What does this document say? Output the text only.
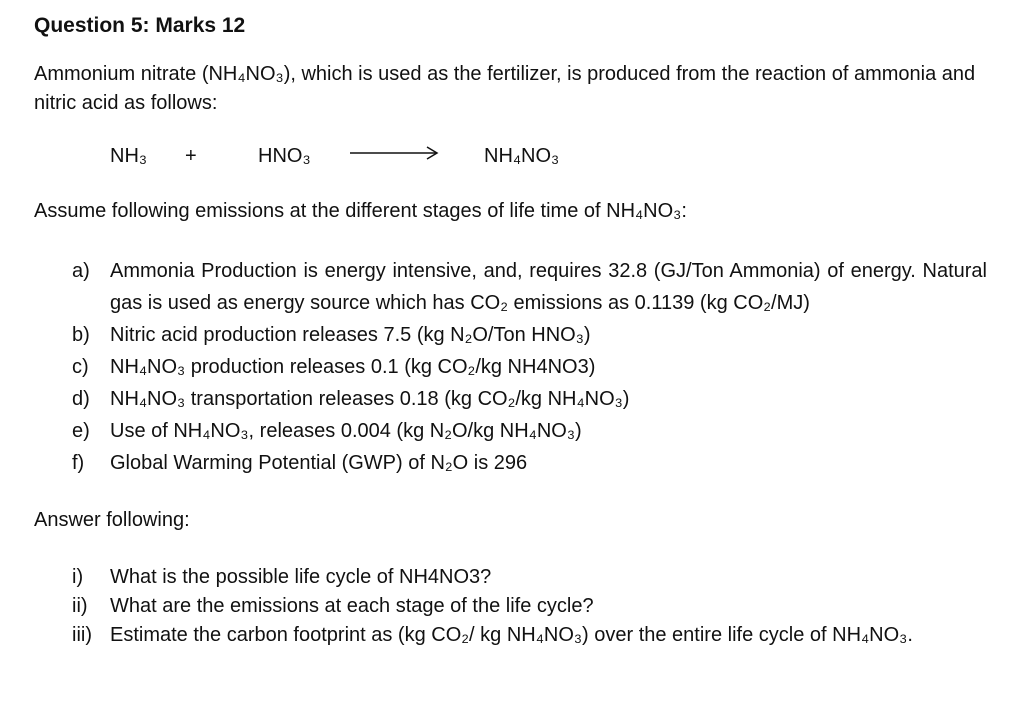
Question 5: Marks 12
Ammonium nitrate (NH₄NO₃), which is used as the fertilizer, is produced from the reaction of ammonia and nitric acid as follows:
NH₃ +	HNO₃	NH₄NO₃
Assume following emissions at the different stages of life time of NH₄NO₃:
a) Ammonia Production is energy intensive, and, requires 32.8 (GJ/Ton Ammonia) of energy. Natural gas is used as energy source which has CO₂ emissions as 0.1139 (kg CO₂/MJ)
b) Nitric acid production releases 7.5 (kg N₂O/Ton HNO₃)
c) NH₄NO₃ production releases 0.1 (kg CO₂/kg NH4NO3)
d) NH₄NO₃ transportation releases 0.18 (kg CO₂/kg NH₄NO₃)
e) Use of NH₄NO₃, releases 0.004 (kg N₂O/kg NH₄NO₃)
f) Global Warming Potential (GWP) of N₂O is 296
Answer following:
i) What is the possible life cycle of NH4NO3?
ii) What are the emissions at each stage of the life cycle?
iii) Estimate the carbon footprint as (kg CO₂/ kg NH₄NO₃) over the entire life cycle of NH₄NO₃.
